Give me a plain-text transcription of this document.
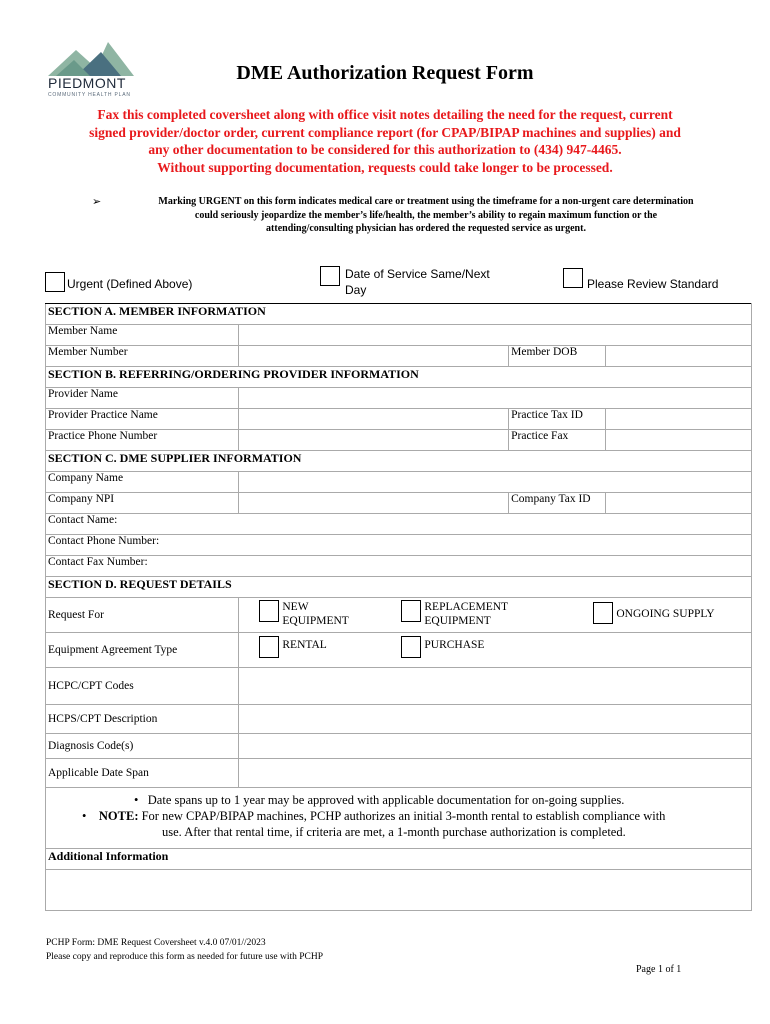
PIEDMONT
COMMUNITY HEALTH PLAN
DME Authorization Request Form
Fax this completed coversheet along with office visit notes detailing the need for the request, current
signed provider/doctor order, current compliance report (for CPAP/BIPAP machines and supplies) and
any other documentation to be considered for this authorization to (434) 947-4465.
Without supporting documentation, requests could take longer to be processed.
➢	Marking URGENT on this form indicates medical care or treatment using the timeframe for a non-urgent care determination
could seriously jeopardize the member’s life/health, the member’s ability to regain maximum function or the
attending/consulting physician has ordered the requested service as urgent.
Urgent (Defined Above)
Date of Service Same/Next
Day	Please Review Standard
SECTION A. MEMBER INFORMATION			
Member Name			
Member Number		Member DOB	
SECTION B. REFERRING/ORDERING PROVIDER INFORMATION			
Provider Name			
Provider Practice Name		Practice Tax ID	
Practice Phone Number		Practice Fax	
SECTION C. DME SUPPLIER INFORMATION			
Company Name			
Company NPI		Company Tax ID	
Contact Name:			
Contact Phone Number:			
Contact Fax Number:			
SECTION D. REQUEST DETAILS			
Request For	NEW
EQUIPMENT
REPLACEMENT
EQUIPMENT
ONGOING SUPPLY		

Equipment Agreement Type	RENTAL PURCHASE		

HCPC/CPT Codes			
HCPS/CPT Description			
Diagnosis Code(s)			
Applicable Date Span			

•   Date spans up to 1 year may be approved with applicable documentation for on-going supplies.
•    NOTE: For new CPAP/BIPAP machines, PCHP authorizes an initial 3-month rental to establish compliance with
use. After that rental time, if criteria are met, a 1-month purchase authorization is completed.			

Additional Information			

PCHP Form: DME Request Coversheet v.4.0 07/01//2023
Please copy and reproduce this form as needed for future use with PCHP
Page 1 of 1
